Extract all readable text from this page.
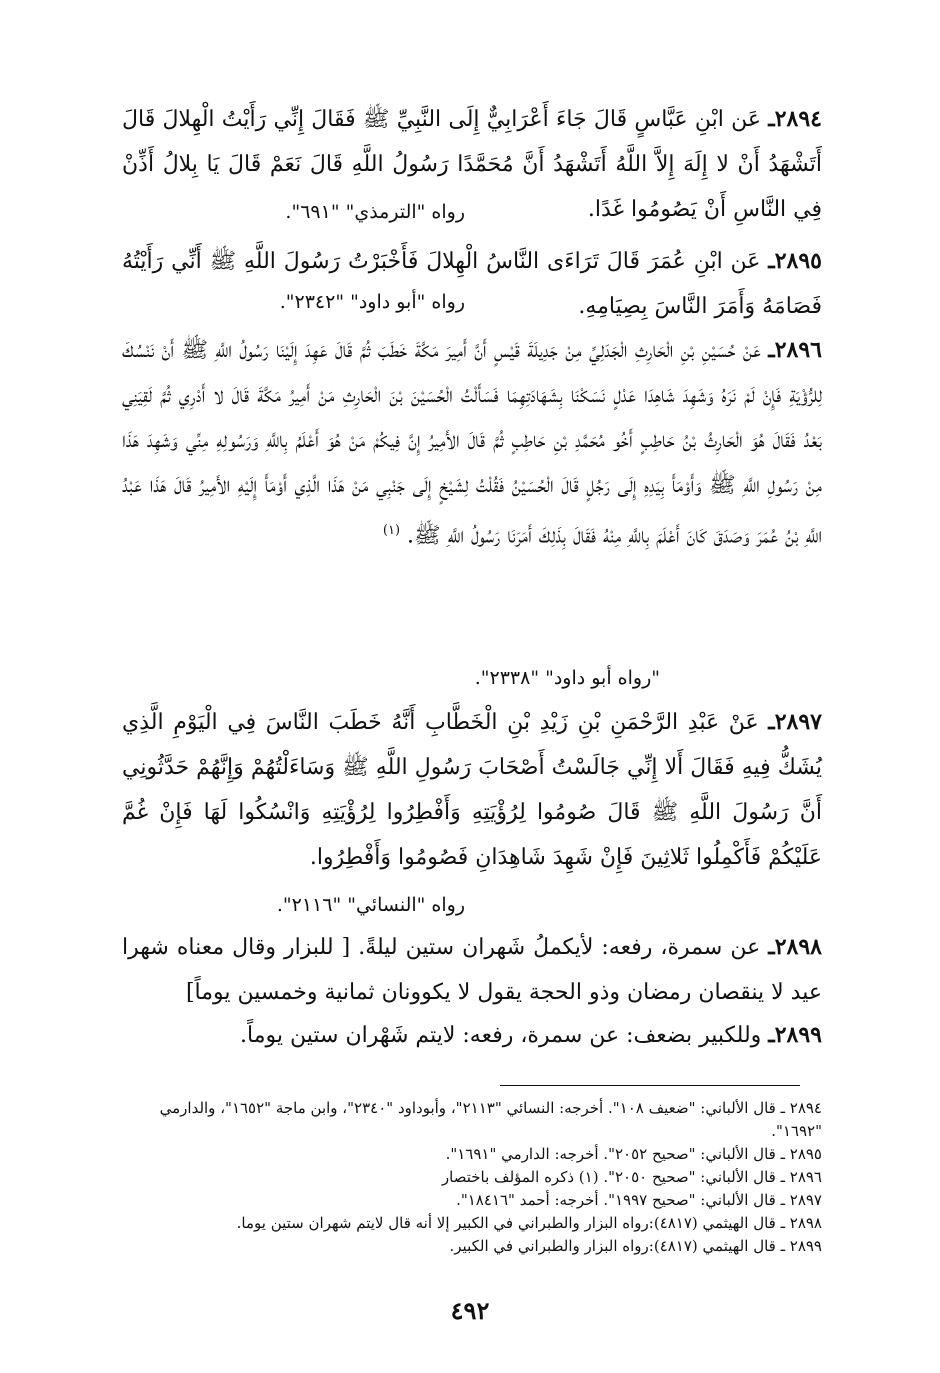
٢٨٩٤ـ عَن ابْنِ عَبَّاسٍ قَالَ جَاءَ أَعْرَابِيٌّ إِلَى النَّبِيِّ ﷺ فَقَالَ إِنِّي رَأَيْتُ الْهِلالَ قَالَ أَتَشْهَدُ أَنْ لا إِلَهَ إِلاَّ اللَّهُ أَتَشْهَدُ أَنَّ مُحَمَّدًا رَسُولُ اللَّهِ قَالَ نَعَمْ قَالَ يَا بِلالُ أَذِّنْ فِي النَّاسِ أَنْ يَصُومُوا غَدًا.
رواه "الترمذي" "٦٩١".
٢٨٩٥ـ عَن ابْنِ عُمَرَ قَالَ تَرَاءَى النَّاسُ الْهِلالَ فَأَخْبَرْتُ رَسُولَ اللَّهِ ﷺ أَنِّي رَأَيْتُهُ فَصَامَهُ وَأَمَرَ النَّاسَ بِصِيَامِهِ.
رواه "أبو داود" "٢٣٤٢".
٢٨٩٦ـ عَنْ حُسَيْنِ بْنِ الْحَارِثِ الْجَدَلِيِّ مِنْ جَدِيلَةَ قَيْسٍ أَنَّ أَمِيرَ مَكَّةَ خَطَبَ ثُمَّ قَالَ عَهِدَ إِلَيْنَا رَسُولُ اللَّهِ ﷺ أَنْ نَنْسُكَ لِلرُّؤْيَةِ فَإِنْ لَمْ نَرَهُ وَشَهِدَ شَاهِدَا عَدْلٍ نَسَكْنَا بِشَهَادَتِهِمَا فَسَأَلْتُ الْحُسَيْنَ بْنَ الْحَارِثِ مَنْ أَمِيرُ مَكَّةَ قَالَ لا أَدْرِي ثُمَّ لَقِيَنِي بَعْدُ فَقَالَ هُوَ الْحَارِثُ بْنُ حَاطِبٍ أَخُو مُحَمَّدِ بْنِ حَاطِبٍ ثُمَّ قَالَ الأَمِيرُ إِنَّ فِيكُمْ مَنْ هُوَ أَعْلَمُ بِاللَّهِ وَرَسُولِهِ مِنِّي وَشَهِدَ هَذَا مِنْ رَسُولِ اللَّهِ ﷺ وَأَوْمَأَ بِيَدِهِ إِلَى رَجُلٍ قَالَ الْحُسَيْنُ فَقُلْتُ لِشَيْخٍ إِلَى جَنْبِي مَنْ هَذَا الَّذِي أَوْمَأَ إِلَيْهِ الأَمِيرُ قَالَ هَذَا عَبْدُ اللَّهِ بْنُ عُمَرَ وَصَدَقَ كَانَ أَعْلَمَ بِاللَّهِ مِنْهُ فَقَالَ بِذَلِكَ أَمَرَنَا رَسُولُ اللَّهِ ﷺ. $^{(١)}$
"رواه أبو داود" "٢٣٣٨".
٢٨٩٧ـ عَنْ عَبْدِ الرَّحْمَنِ بْنِ زَيْدِ بْنِ الْخَطَّابِ أَنَّهُ خَطَبَ النَّاسَ فِي الْيَوْمِ الَّذِي يُشَكُّ فِيهِ فَقَالَ أَلا إِنِّي جَالَسْتُ أَصْحَابَ رَسُولِ اللَّهِ ﷺ وَسَاءَلْتُهُمْ وَإِنَّهُمْ حَدَّثُونِي أَنَّ رَسُولَ اللَّهِ ﷺ قَالَ صُومُوا لِرُؤْيَتِهِ وَأَفْطِرُوا لِرُؤْيَتِهِ وَانْسُكُوا لَهَا فَإِنْ غُمَّ عَلَيْكُمْ فَأَكْمِلُوا ثَلاثِينَ فَإِنْ شَهِدَ شَاهِدَانِ فَصُومُوا وَأَفْطِرُوا.
رواه "النسائي" "٢١١٦".
٢٨٩٨ـ عن سمرة، رفعه: لأيكملُ شَهران ستين ليلةً. [ للبزار وقال معناه شهرا عيد لا ينقصان رمضان وذو الحجة يقول لا يكوونان ثمانية وخمسين يوماً]
٢٨٩٩ـ وللكبير بضعف: عن سمرة، رفعه: لايتم شَهْران ستين يوماً.
٢٨٩٤ ـ قال الألباني: "ضعيف ١٠٨". أخرجه: النسائي "٢١١٣"، وأبوداود "٢٣٤٠"، وابن ماجة "١٦٥٢"، والدارمي "١٦٩٢".
٢٨٩٥ ـ قال الألباني: "صحيح ٢٠٥٢". أخرجه: الدارمي "١٦٩١".
٢٨٩٦ ـ قال الألباني: "صحيح ٢٠٥٠". (١) ذكره المؤلف باختصار
٢٨٩٧ ـ قال الألباني: "صحيح ١٩٩٧". أخرجه: أحمد "١٨٤١٦".
٢٨٩٨ ـ قال الهيثمي (٤٨١٧):رواه البزار والطبراني في الكبير إلا أنه قال لايتم شهران ستين يوما.
٢٨٩٩ ـ قال الهيثمي (٤٨١٧):رواه البزار والطبراني في الكبير.
٤٩٢
